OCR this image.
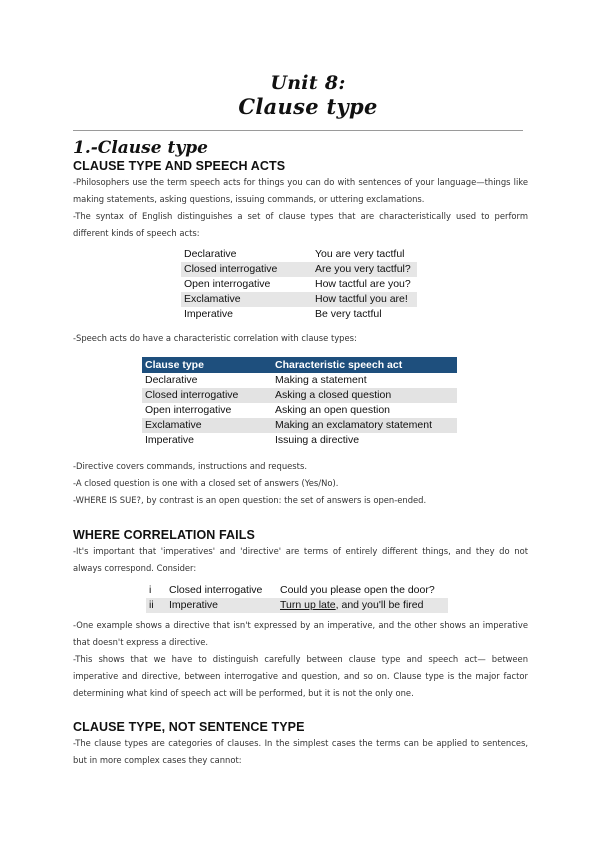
Unit 8:
Clause type
1.-Clause type
CLAUSE TYPE AND SPEECH ACTS

-Philosophers use the term speech acts for things you can do with sentences of your language—things like making statements, asking questions, issuing commands, or uttering exclamations.

-The syntax of English distinguishes a set of clause types that are characteristically used to perform different kinds of speech acts:

Declarative	You are very tactful
Closed interrogative	Are you very tactful?
Open interrogative	How tactful are you?
Exclamative	How tactful you are!
Imperative	Be very tactful

-Speech acts do have a characteristic correlation with clause types:

Clause type	Characteristic speech act
Declarative	Making a statement
Closed interrogative	Asking a closed question
Open interrogative	Asking an open question
Exclamative	Making an exclamatory statement
Imperative	Issuing a directive

-Directive covers commands, instructions and requests.

-A closed question is one with a closed set of answers (Yes/No).

-WHERE IS SUE?, by contrast is an open question: the set of answers is open-ended.

WHERE CORRELATION FAILS

-It's important that 'imperatives' and 'directive' are terms of entirely different things, and they do not always correspond. Consider:

i	Closed interrogative	Could you please open the door?
ii	Imperative	Turn up late, and you'll be fired

-One example shows a directive that isn't expressed by an imperative, and the other shows an imperative that doesn't express a directive.

-This shows that we have to distinguish carefully between clause type and speech act— between imperative and directive, between interrogative and question, and so on. Clause type is the major factor determining what kind of speech act will be performed, but it is not the only one.

CLAUSE TYPE, NOT SENTENCE TYPE

-The clause types are categories of clauses. In the simplest cases the terms can be applied to sentences, but in more complex cases they cannot:
